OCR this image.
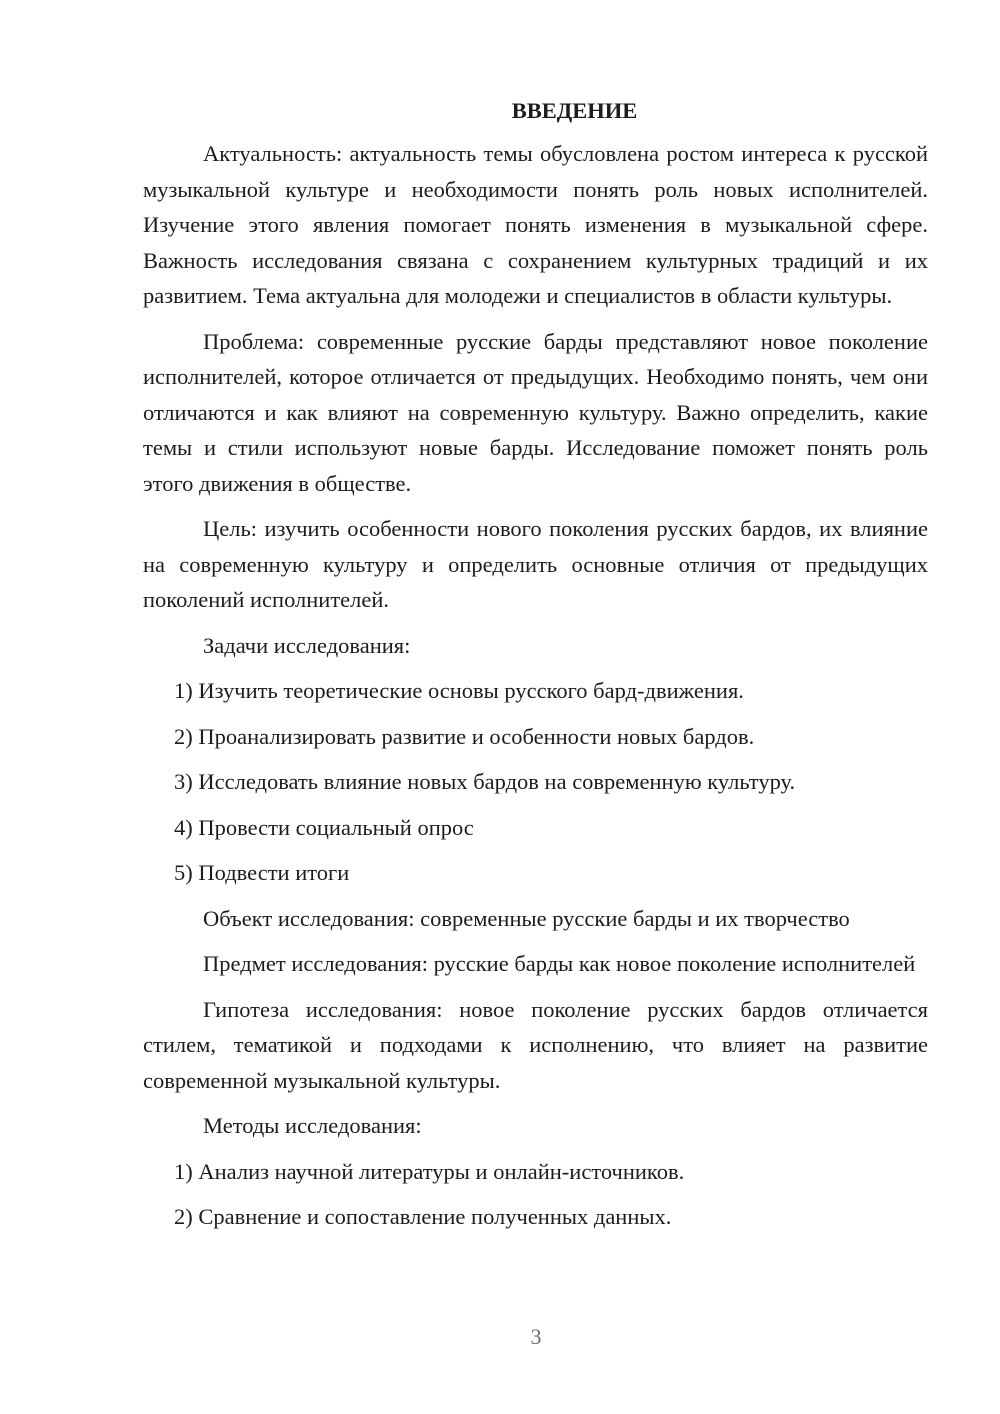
ВВЕДЕНИЕ

Актуальность: актуальность темы обусловлена ростом интереса к русской музыкальной культуре и необходимости понять роль новых исполнителей. Изучение этого явления помогает понять изменения в музыкальной сфере. Важность исследования связана с сохранением культурных традиций и их развитием. Тема актуальна для молодежи и специалистов в области культуры.

Проблема: современные русские барды представляют новое поколение исполнителей, которое отличается от предыдущих. Необходимо понять, чем они отличаются и как влияют на современную культуру. Важно определить, какие темы и стили используют новые барды. Исследование поможет понять роль этого движения в обществе.

Цель: изучить особенности нового поколения русских бардов, их влияние на современную культуру и определить основные отличия от предыдущих поколений исполнителей.

Задачи исследования:

1) Изучить теоретические основы русского бард-движения.

2) Проанализировать развитие и особенности новых бардов.

3) Исследовать влияние новых бардов на современную культуру.

4) Провести социальный опрос

5) Подвести итоги

Объект исследования: современные русские барды и их творчество

Предмет исследования: русские барды как новое поколение исполнителей

Гипотеза исследования: новое поколение русских бардов отличается стилем, тематикой и подходами к исполнению, что влияет на развитие современной музыкальной культуры.

Методы исследования:

1) Анализ научной литературы и онлайн-источников.

2) Сравнение и сопоставление полученных данных.

3
